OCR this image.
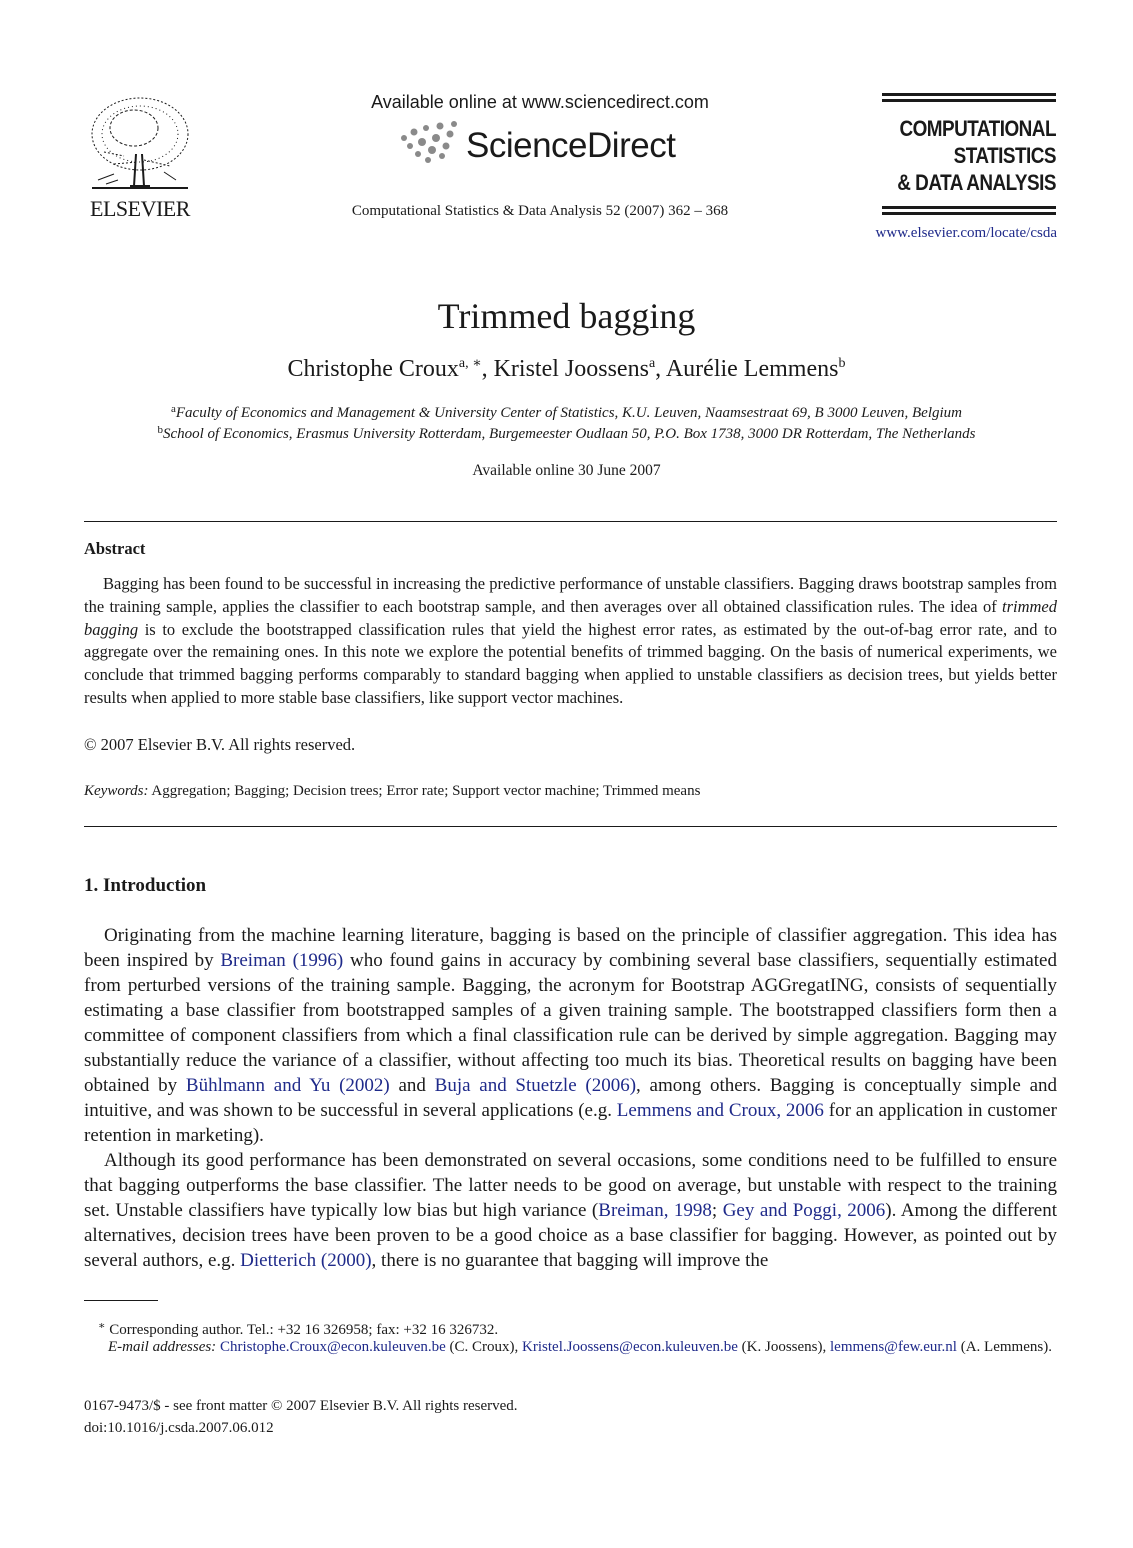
ELSEVIER
Available online at www.sciencedirect.com
ScienceDirect
Computational Statistics & Data Analysis 52 (2007) 362 – 368
COMPUTATIONAL
STATISTICS
& DATA ANALYSIS
www.elsevier.com/locate/csda
Trimmed bagging
Christophe Croux$^{a, ∗}$, Kristel Joossens$^a$, Aurélie Lemmens$^b$
$^a$Faculty of Economics and Management & University Center of Statistics, K.U. Leuven, Naamsestraat 69, B 3000 Leuven, Belgium
$^b$School of Economics, Erasmus University Rotterdam, Burgemeester Oudlaan 50, P.O. Box 1738, 3000 DR Rotterdam, The Netherlands
Available online 30 June 2007
Abstract
Bagging has been found to be successful in increasing the predictive performance of unstable classifiers. Bagging draws bootstrap samples from the training sample, applies the classifier to each bootstrap sample, and then averages over all obtained classification rules. The idea of trimmed bagging is to exclude the bootstrapped classification rules that yield the highest error rates, as estimated by the out-of-bag error rate, and to aggregate over the remaining ones. In this note we explore the potential benefits of trimmed bagging. On the basis of numerical experiments, we conclude that trimmed bagging performs comparably to standard bagging when applied to unstable classifiers as decision trees, but yields better results when applied to more stable base classifiers, like support vector machines.
© 2007 Elsevier B.V. All rights reserved.
Keywords: Aggregation; Bagging; Decision trees; Error rate; Support vector machine; Trimmed means
1. Introduction
Originating from the machine learning literature, bagging is based on the principle of classifier aggregation. This idea has been inspired by Breiman (1996) who found gains in accuracy by combining several base classifiers, sequentially estimated from perturbed versions of the training sample. Bagging, the acronym for Bootstrap AGGregatING, consists of sequentially estimating a base classifier from bootstrapped samples of a given training sample. The bootstrapped classifiers form then a committee of component classifiers from which a final classification rule can be derived by simple aggregation. Bagging may substantially reduce the variance of a classifier, without affecting too much its bias. Theoretical results on bagging have been obtained by Bühlmann and Yu (2002) and Buja and Stuetzle (2006), among others. Bagging is conceptually simple and intuitive, and was shown to be successful in several applications (e.g. Lemmens and Croux, 2006 for an application in customer retention in marketing).
Although its good performance has been demonstrated on several occasions, some conditions need to be fulfilled to ensure that bagging outperforms the base classifier. The latter needs to be good on average, but unstable with respect to the training set. Unstable classifiers have typically low bias but high variance (Breiman, 1998; Gey and Poggi, 2006). Among the different alternatives, decision trees have been proven to be a good choice as a base classifier for bagging. However, as pointed out by several authors, e.g. Dietterich (2000), there is no guarantee that bagging will improve the
∗ Corresponding author. Tel.: +32 16 326958; fax: +32 16 326732.
E-mail addresses: Christophe.Croux@econ.kuleuven.be (C. Croux), Kristel.Joossens@econ.kuleuven.be (K. Joossens), lemmens@few.eur.nl (A. Lemmens).
0167-9473/$ - see front matter © 2007 Elsevier B.V. All rights reserved.
doi:10.1016/j.csda.2007.06.012
